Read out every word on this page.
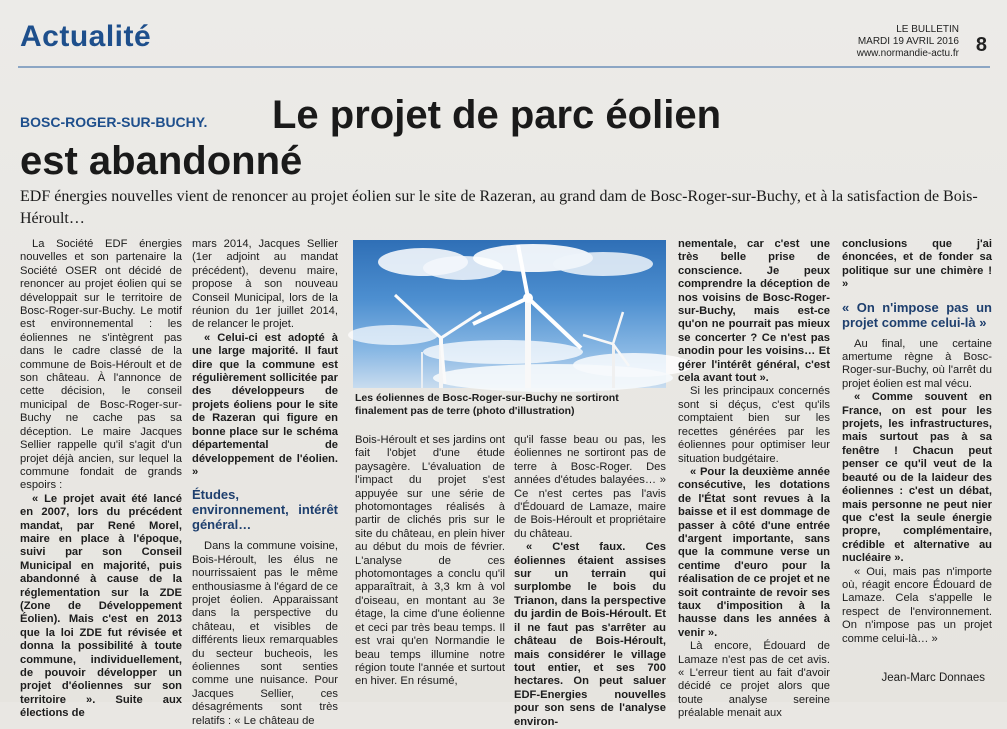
Actualité	LE BULLETIN
MARDI 19 AVRIL 2016
www.normandie-actu.fr 8
BOSC-ROGER-SUR-BUCHY.	Le projet de parc éolien
est abandonné
EDF énergies nouvelles vient de renoncer au projet éolien sur le site de Razeran, au grand dam de Bosc-Roger-sur-Buchy, et à la satisfaction de Bois-Héroult…

La Société EDF énergies nouvelles et son partenaire la Société OSER ont décidé de renoncer au projet éolien qui se développait sur le territoire de Bosc-Roger-sur-Buchy. Le motif est environnemental : les éoliennes ne s'intègrent pas dans le cadre classé de la commune de Bois-Héroult et de son château. À l'annonce de cette décision, le conseil municipal de Bosc-Roger-sur-Buchy ne cache pas sa déception. Le maire Jacques Sellier rappelle qu'il s'agit d'un projet déjà ancien, sur lequel la commune fondait de grands espoirs :

« Le projet avait été lancé en 2007, lors du précédent mandat, par René Morel, maire en place à l'époque, suivi par son Conseil Municipal en majorité, puis abandonné à cause de la réglementation sur la ZDE (Zone de Développement Éolien). Mais c'est en 2013 que la loi ZDE fut révisée et donna la possibilité à toute commune, individuellement, de pouvoir développer un projet d'éoliennes sur son territoire ». Suite aux élections de

mars 2014, Jacques Sellier (1er adjoint au mandat précédent), devenu maire, propose à son nouveau Conseil Municipal, lors de la réunion du 1er juillet 2014, de relancer le projet.

« Celui-ci est adopté à une large majorité. Il faut dire que la commune est régulièrement sollicitée par des développeurs de projets éoliens pour le site de Razeran qui figure en bonne place sur le schéma départemental de développement de l'éolien. »

Études, environnement, intérêt général…

Dans la commune voisine, Bois-Héroult, les élus ne nourrissaient pas le même enthousiasme à l'égard de ce projet éolien. Apparaissant dans la perspective du château, et visibles de différents lieux remarquables du secteur bucheois, les éoliennes sont senties comme une nuisance. Pour Jacques Sellier, ces désagréments sont très relatifs : « Le château de

Les éoliennes de Bosc-Roger-sur-Buchy ne sortiront finalement pas de terre (photo d'illustration)

Bois-Héroult et ses jardins ont fait l'objet d'une étude paysagère. L'évaluation de l'impact du projet s'est appuyée sur une série de photomontages réalisés à partir de clichés pris sur le site du château, en plein hiver au début du mois de février. L'analyse de ces photomontages a conclu qu'il apparaîtrait, à 3,3 km à vol d'oiseau, en montant au 3e étage, la cime d'une éolienne et ceci par très beau temps. Il est vrai qu'en Normandie le beau temps illumine notre région toute l'année et surtout en hiver. En résumé,

qu'il fasse beau ou pas, les éoliennes ne sortiront pas de terre à Bosc-Roger. Des années d'études balayées… » Ce n'est certes pas l'avis d'Édouard de Lamaze, maire de Bois-Héroult et propriétaire du château.

« C'est faux. Ces éoliennes étaient assises sur un terrain qui surplombe le bois du Trianon, dans la perspective du jardin de Bois-Héroult. Et il ne faut pas s'arrêter au château de Bois-Héroult, mais considérer le village tout entier, et ses 700 hectares. On peut saluer EDF-Energies nouvelles pour son sens de l'analyse environ-

nementale, car c'est une très belle prise de conscience. Je peux comprendre la déception de nos voisins de Bosc-Roger-sur-Buchy, mais est-ce qu'on ne pourrait pas mieux se concerter ? Ce n'est pas anodin pour les voisins… Et gérer l'intérêt général, c'est cela avant tout ».

Si les principaux concernés sont si déçus, c'est qu'ils comptaient bien sur les recettes générées par les éoliennes pour optimiser leur situation budgétaire.

« Pour la deuxième année consécutive, les dotations de l'État sont revues à la baisse et il est dommage de passer à côté d'une entrée d'argent importante, sans que la commune verse un centime d'euro pour la réalisation de ce projet et ne soit contrainte de revoir ses taux d'imposition à la hausse dans les années à venir ».

Là encore, Édouard de Lamaze n'est pas de cet avis. « L'erreur tient au fait d'avoir décidé ce projet alors que toute analyse sereine préalable menait aux

conclusions que j'ai énoncées, et de fonder sa politique sur une chimère ! »

« On n'impose pas un projet comme celui-là »

Au final, une certaine amertume règne à Bosc-Roger-sur-Buchy, où l'arrêt du projet éolien est mal vécu.

« Comme souvent en France, on est pour les projets, les infrastructures, mais surtout pas à sa fenêtre ! Chacun peut penser ce qu'il veut de la beauté ou de la laideur des éoliennes : c'est un débat, mais personne ne peut nier que c'est la seule énergie propre, complémentaire, crédible et alternative au nucléaire ».

« Oui, mais pas n'importe où, réagit encore Édouard de Lamaze. Cela s'appelle le respect de l'environnement. On n'impose pas un projet comme celui-là… »

Jean-Marc Donnaes
